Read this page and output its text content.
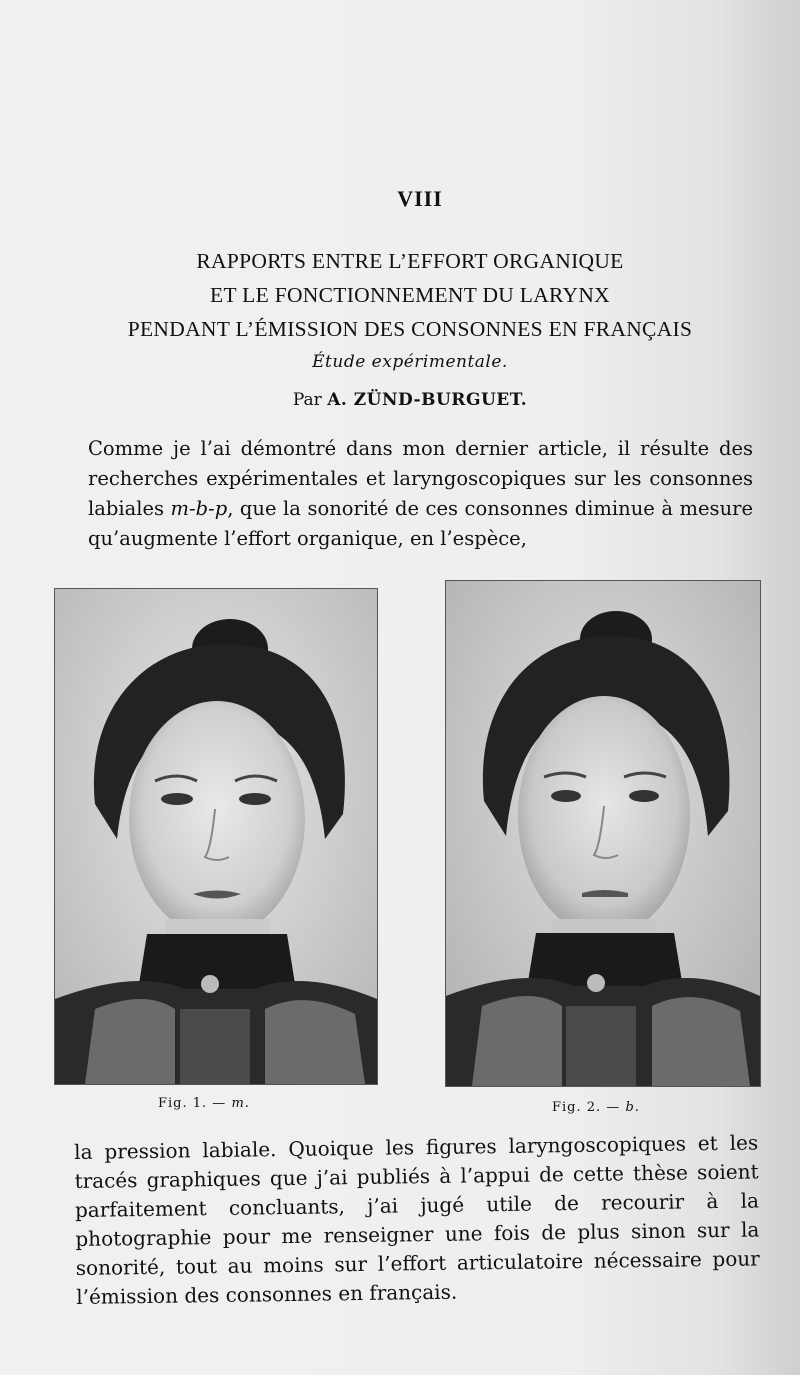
VIII
RAPPORTS ENTRE L’EFFORT ORGANIQUE
ET LE FONCTIONNEMENT DU LARYNX
PENDANT L’ÉMISSION DES CONSONNES EN FRANÇAIS
Étude expérimentale.
Par A. ZÜND-BURGUET.
Comme je l’ai démontré dans mon dernier article, il résulte des recherches expérimentales et laryngoscopiques sur les consonnes labiales m-b-p, que la sonorité de ces consonnes diminue à mesure qu’augmente l’effort organique, en l’espèce,
Fig. 1. — m.	Fig. 2. — b.
la pression labiale. Quoique les figures laryngoscopiques et les tracés graphiques que j’ai publiés à l’appui de cette thèse soient parfaitement concluants, j’ai jugé utile de recourir à la photographie pour me renseigner une fois de plus sinon sur la sonorité, tout au moins sur l’effort articulatoire nécessaire pour l’émission des consonnes en français.
